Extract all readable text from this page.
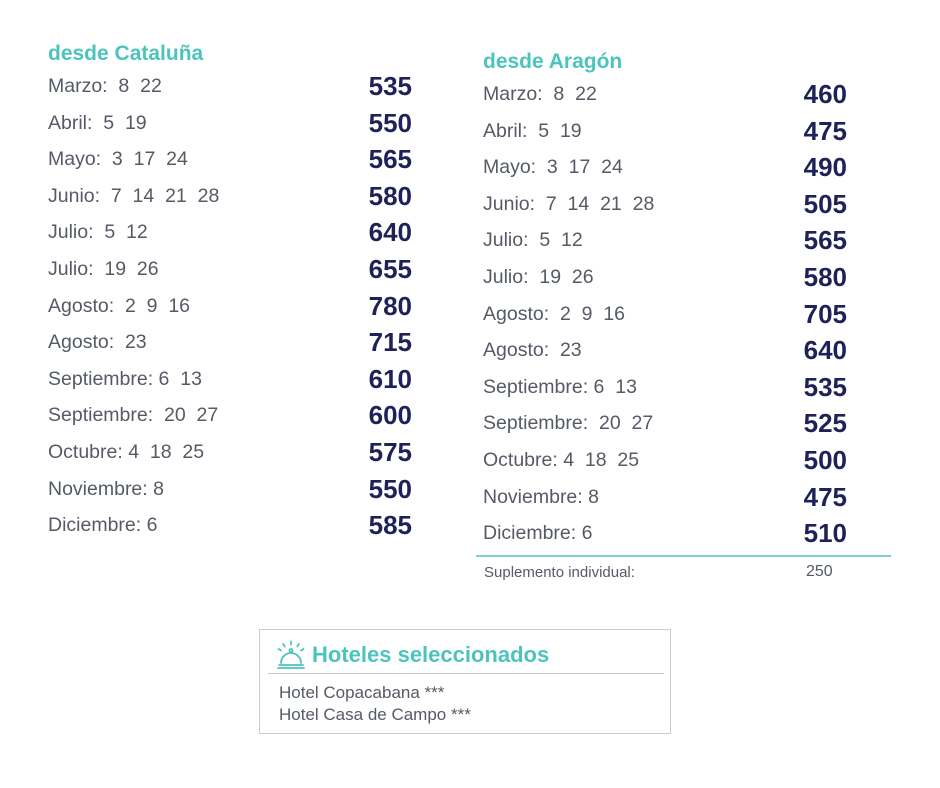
desde Cataluña
Marzo:  8  22	535
Abril:  5  19	550
Mayo:  3  17  24	565
Junio:  7  14  21  28	580
Julio:  5  12	640
Julio:  19  26	655
Agosto:  2  9  16	780
Agosto:  23	715
Septiembre: 6  13	610
Septiembre:  20  27	600
Octubre: 4  18  25	575
Noviembre: 8	550
Diciembre: 6	585
desde Aragón
Marzo:  8  22	460
Abril:  5  19	475
Mayo:  3  17  24	490
Junio:  7  14  21  28	505
Julio:  5  12	565
Julio:  19  26	580
Agosto:  2  9  16	705
Agosto:  23	640
Septiembre: 6  13	535
Septiembre:  20  27	525
Octubre: 4  18  25	500
Noviembre: 8	475
Diciembre: 6	510
Suplemento individual:	250
Hoteles seleccionados
Hotel Copacabana ***
Hotel Casa de Campo ***
